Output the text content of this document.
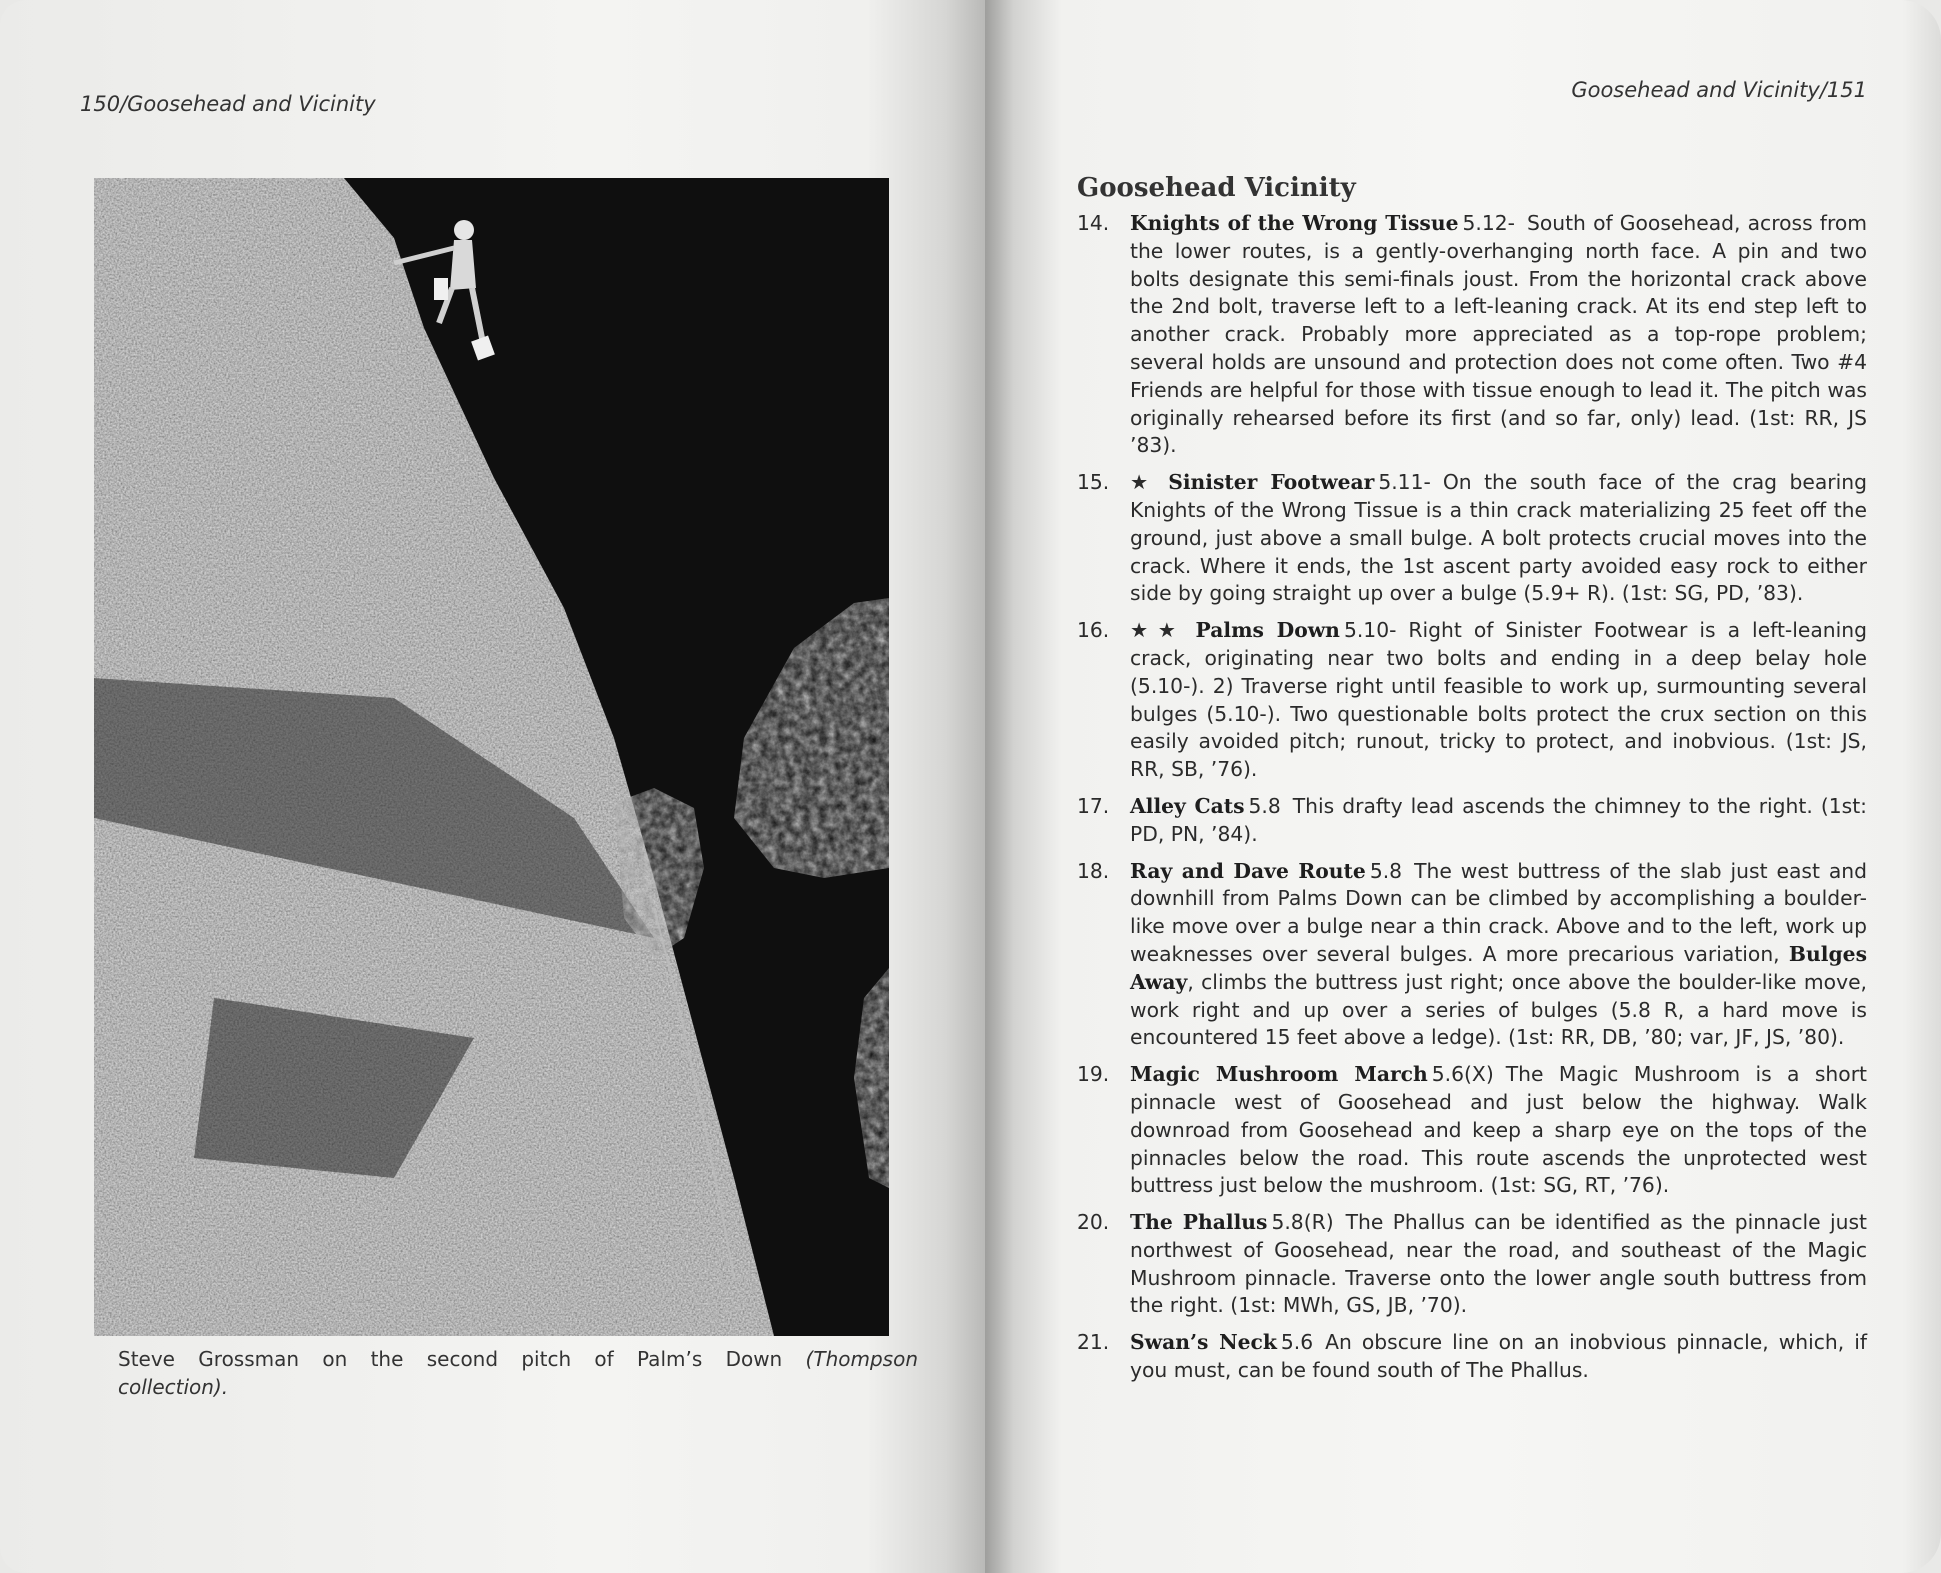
150/Goosehead and Vicinity
Steve Grossman on the second pitch of Palm’s Down (Thompson collection).
Goosehead and Vicinity/151
Goosehead Vicinity
14.	Knights of the Wrong Tissue 5.12- South of Goosehead, across from the lower routes, is a gently-overhanging north face. A pin and two bolts designate this semi-finals joust. From the horizontal crack above the 2nd bolt, traverse left to a left-leaning crack. At its end step left to another crack. Probably more appreciated as a top-rope problem; several holds are unsound and protection does not come often. Two #4 Friends are helpful for those with tissue enough to lead it. The pitch was originally rehearsed before its first (and so far, only) lead. (1st: RR, JS ’83).
15.	★ Sinister Footwear 5.11- On the south face of the crag bearing Knights of the Wrong Tissue is a thin crack materializing 25 feet off the ground, just above a small bulge. A bolt protects crucial moves into the crack. Where it ends, the 1st ascent party avoided easy rock to either side by going straight up over a bulge (5.9+ R). (1st: SG, PD, ’83).
16.	★★ Palms Down 5.10- Right of Sinister Footwear is a left-leaning crack, originating near two bolts and ending in a deep belay hole (5.10-). 2) Traverse right until feasible to work up, surmounting several bulges (5.10-). Two questionable bolts protect the crux section on this easily avoided pitch; runout, tricky to protect, and inobvious. (1st: JS, RR, SB, ’76).
17.	Alley Cats 5.8 This drafty lead ascends the chimney to the right. (1st: PD, PN, ’84).
18.	Ray and Dave Route 5.8 The west buttress of the slab just east and downhill from Palms Down can be climbed by accomplishing a boulder-like move over a bulge near a thin crack. Above and to the left, work up weaknesses over several bulges. A more precarious variation, Bulges Away, climbs the buttress just right; once above the boulder-like move, work right and up over a series of bulges (5.8 R, a hard move is encountered 15 feet above a ledge). (1st: RR, DB, ’80; var, JF, JS, ’80).
19.	Magic Mushroom March 5.6(X) The Magic Mushroom is a short pinnacle west of Goosehead and just below the highway. Walk downroad from Goosehead and keep a sharp eye on the tops of the pinnacles below the road. This route ascends the unprotected west buttress just below the mushroom. (1st: SG, RT, ’76).
20.	The Phallus 5.8(R) The Phallus can be identified as the pinnacle just northwest of Goosehead, near the road, and southeast of the Magic Mushroom pinnacle. Traverse onto the lower angle south buttress from the right. (1st: MWh, GS, JB, ’70).
21.	Swan’s Neck 5.6 An obscure line on an inobvious pinnacle, which, if you must, can be found south of The Phallus.
